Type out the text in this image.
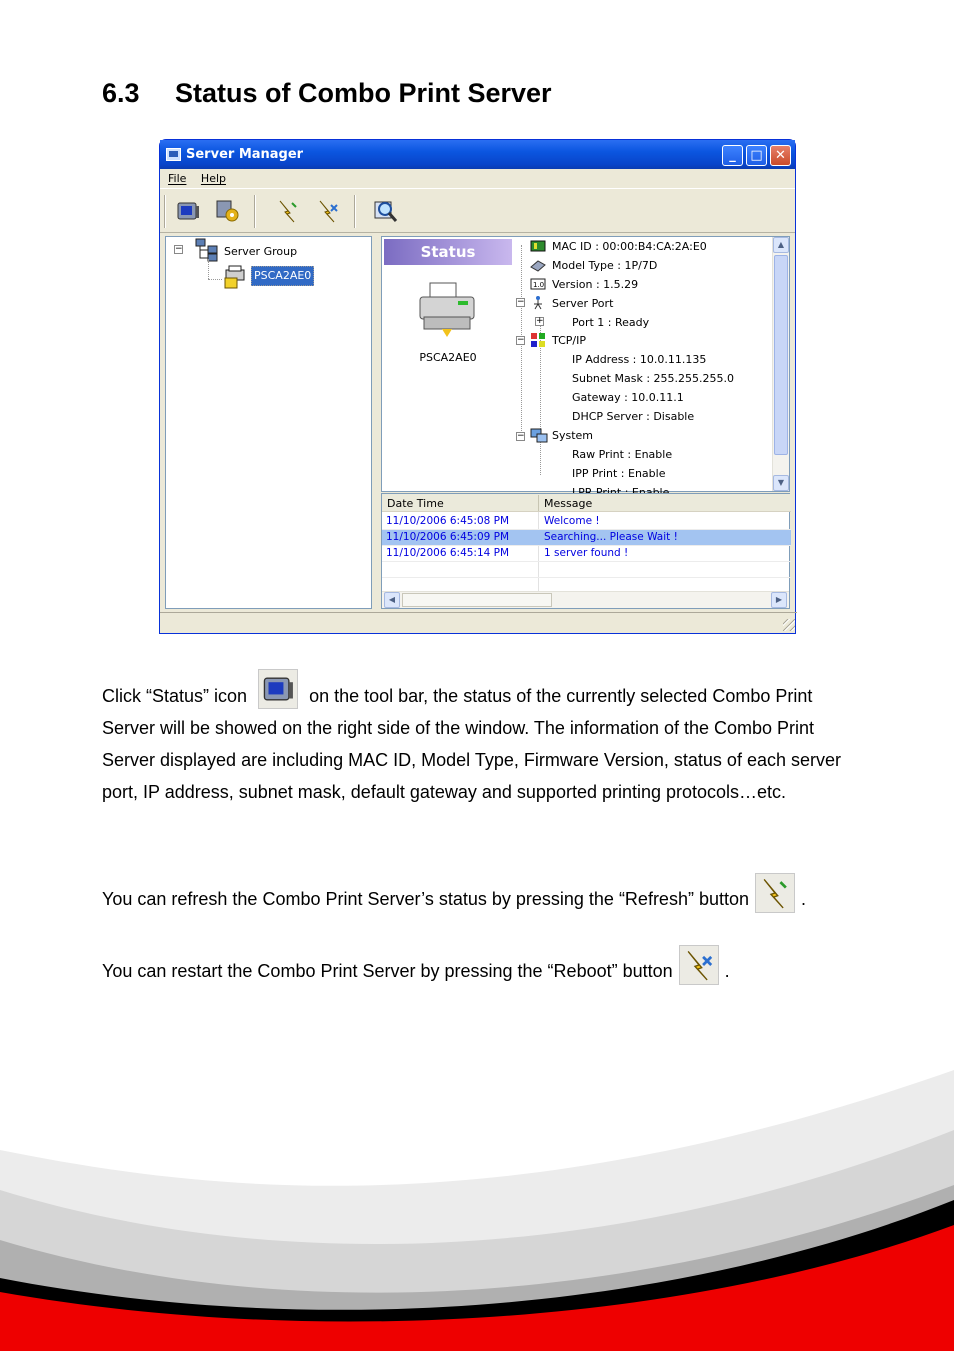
6.3 Status of Combo Print Server
Server Manager	_	□ ✕
File Help
−	Server Group
PSCA2AE0
Status
PSCA2AE0
MAC ID : 00:00:B4:CA:2A:E0
Model Type : 1P/7D
1.0 Version : 1.5.29
− Server Port
+	Port 1 : Ready
− TCP/IP
IP Address : 10.0.11.135
Subnet Mask : 255.255.255.0
Gateway : 10.0.11.1
DHCP Server : Disable
− System
Raw Print : Enable
IPP Print : Enable
▲
▼
Date Time	Message
11/10/2006 6:45:08 PM	Welcome !
11/10/2006 6:45:09 PM	Searching... Please Wait !
11/10/2006 6:45:14 PM	1 server found !
◀	▶

Click “Status” icon	on the tool bar, the status of the currently selected Combo Print Server will be showed on the right side of the window. The information of the Combo Print Server displayed are including MAC ID, Model Type, Firmware Version, status of each server port, IP address, subnet mask, default gateway and supported printing protocols…etc.

You can refresh the Combo Print Server’s status by pressing the “Refresh” button	.

You can restart the Combo Print Server by pressing the “Reboot” button	.
